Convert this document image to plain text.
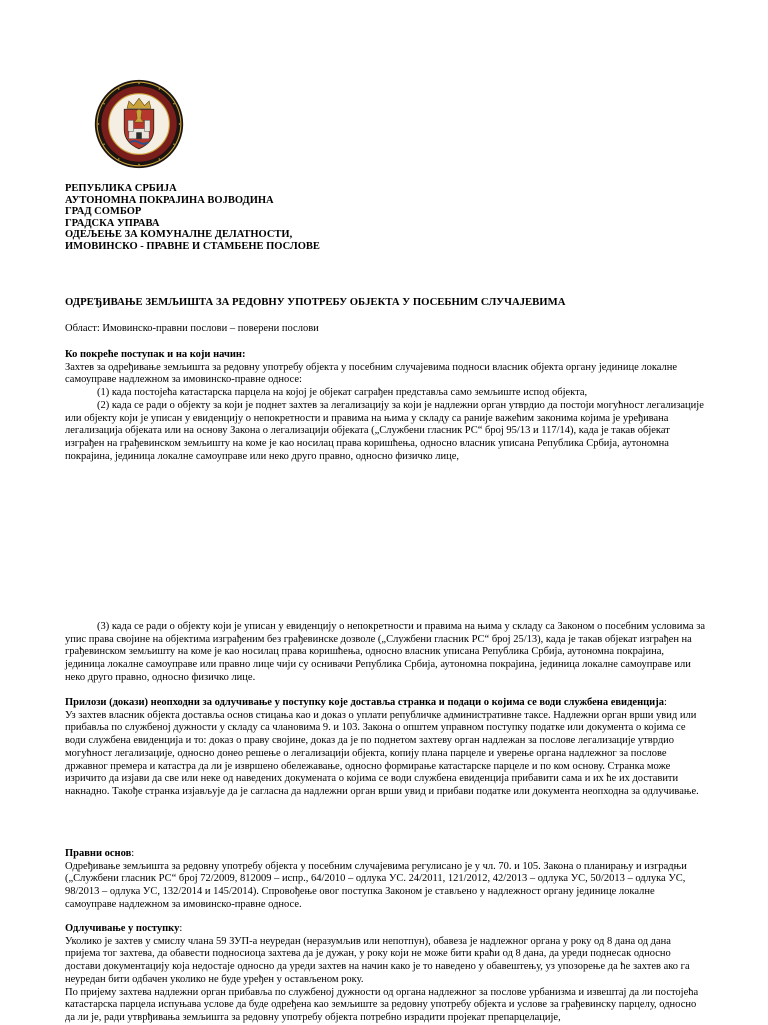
РЕПУБЛИКА СРБИЈА
АУТОНОМНА ПОКРАЈИНА ВОЈВОДИНА
ГРАД СОМБОР
ГРАДСКА УПРАВА
ОДЕЉЕЊЕ ЗА КОМУНАЛНЕ ДЕЛАТНОСТИ,
ИМОВИНСКО - ПРАВНЕ И СТАМБЕНЕ ПОСЛОВЕ
ОДРЕЂИВАЊЕ ЗЕМЉИШТА ЗА РЕДОВНУ УПОТРЕБУ ОБЈЕКТА У ПОСЕБНИМ СЛУЧАЈЕВИМА
Област: Имовинско-правни послови – поверени послови

Ко покреће поступак и на који начин:

Захтев за одређивање земљишта за редовну употребу објекта у посебним случајевима подноси власник објекта органу јединице локалне самоуправе надлежном за имовинско-правне односе:

(1) када постојећа катастарска парцела на којој је објекат саграђен представља само земљиште испод објекта,

(2) када се ради о објекту за који је поднет захтев за легализацију за који је надлежни орган утврдио да постоји могућност легализације или објекту који је уписан у евиденцију о непокретности и правима на њима у складу са раније важећим законима којима је уређивана легализација објеката или на основу Закона о легализацији објеката („Службени гласник РС“ број 95/13 и 117/14), када је такав објекат изграђен на грађевинском земљишту на коме је као носилац права коришћења, односно власник уписана Република Србија, аутономна покрајина, јединица локалне самоуправе или неко друго правно, односно физичко лице,

(3) када се ради о објекту који је уписан у евиденцију о непокретности и правима на њима у складу са Законом о посебним условима за упис права својине на објектима изграђеним без грађевинске дозволе („Службени гласник РС“ број 25/13), када је такав објекат изграђен на грађевинском земљишту на коме је као носилац права коришћења, односно власник уписана Република Србија, аутономна покрајина, јединица локалне самоуправе или правно лице чији су оснивачи Република Србија, аутономна покрајина, јединица локалне самоуправе или неко друго правно, односно физичко лице.

Прилози (докази) неопходни за одлучивање у поступку које доставља странка и подаци о којима се води службена евиденција:

Уз захтев власник објекта доставља основ стицања као и доказ о уплати републичке административне таксе. Надлежни орган врши увид или прибавља по службеној дужности у складу са члановима 9. и 103. Закона о општем управном поступку податке или документа о којима се води службена евиденција и то: доказ о праву својине, доказ да је по поднетом захтеву орган надлежан за послове легализације утврдио могућност легализације, односно донео решење о легализацији објекта, копију плана парцеле и уверење органа надлежног за послове државног премера и катастра да ли је извршено обележавање, односно формирање катастарске парцеле и по ком основу. Странка може изричито да изјави да све или неке од наведених докумената о којима се води службена евиденција прибавити сама и их ће их доставити накнадно. Такође странка изјављује да је сагласна да надлежни орган врши увид и прибави податке или документа неопходна за одлучивање.

Правни основ:

Одређивање земљишта за редовну употребу објекта у посебним случајевима регулисано је у чл. 70. и 105. Закона о планирању и изградњи („Службени гласник РС“ број 72/2009, 812009 – испр., 64/2010 – одлука УС. 24/2011, 121/2012, 42/2013 – одлука УС, 50/2013 – одлука УС, 98/2013 – одлука УС, 132/2014 и 145/2014). Спровођење овог поступка Законом је стављено у надлежност органу јединице локалне самоуправе надлежном за имовинско-правне односе.

Одлучивање у поступку:

Уколико је захтев у смислу члана 59 ЗУП-а неуредан (неразумљив или непотпун), обавеза је надлежног органа у року од 8 дана од дана пријема тог захтева, да обавести подносиоца захтева да је дужан, у року који не може бити краћи од 8 дана, да уреди поднесак односно достави документацију која недостаје односно да уреди захтев на начин како је то наведено у обавештењу, уз упозорење да ће захтев ако га неуредан бити одбачен уколико не буде уређен у остављеном року.

По пријему захтева надлежни орган прибавља по службеној дужности од органа надлежног за послове урбанизма и извештај да ли постојећа катастарска парцела испуњава услове да буде одређена као земљиште за редовну употребу објекта и услове за грађевинску парцелу, односно да ли је, ради утврђивања земљишта за редовну употребу објекта потребно израдити пројекат препарцелације,
